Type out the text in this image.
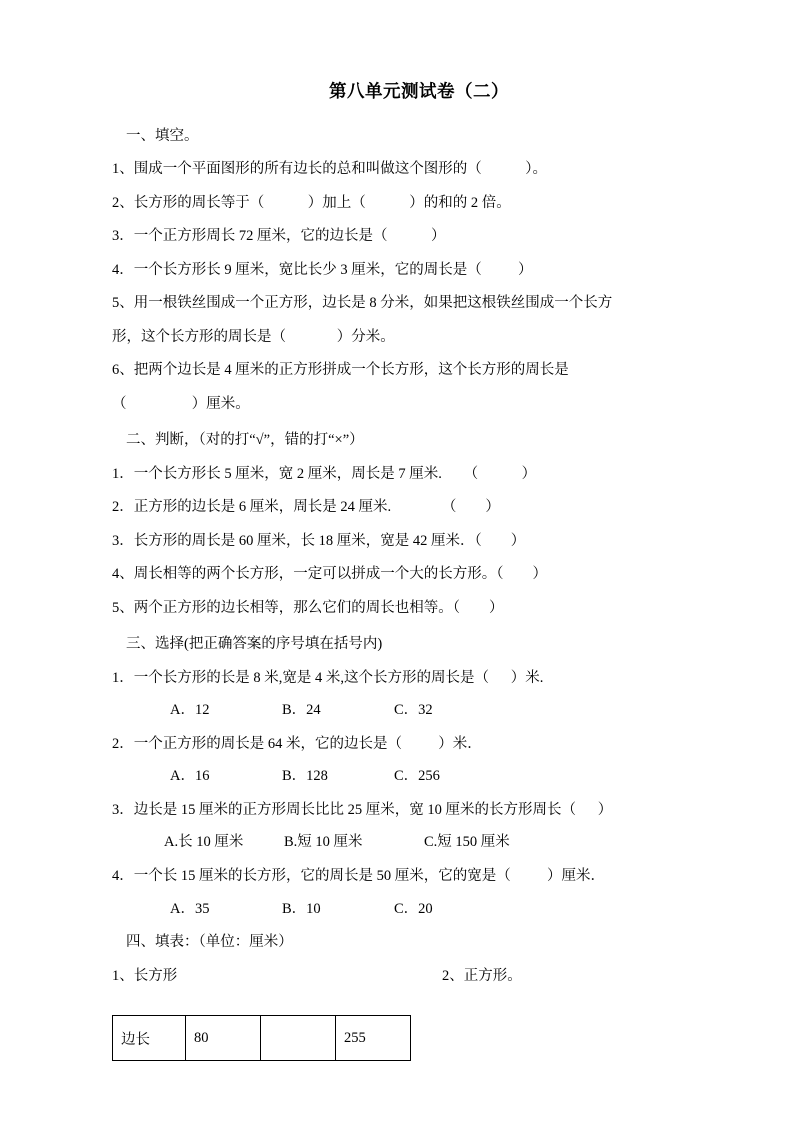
第八单元测试卷（二）
一、填空。
1、围成一个平面图形的所有边长的总和叫做这个图形的（            ）。
2、长方形的周长等于（            ）加上（            ）的和的 2 倍。
3．一个正方形周长 72 厘米，它的边长是（            ）
4．一个长方形长 9 厘米，宽比长少 3 厘米，它的周长是（          ）
5、用一根铁丝围成一个正方形，边长是 8 分米，如果把这根铁丝围成一个长方
形，这个长方形的周长是（              ）分米。
6、把两个边长是 4 厘米的正方形拼成一个长方形，这个长方形的周长是
（                  ）厘米。
二、判断，（对的打“√”，错的打“×”）
1．一个长方形长 5 厘米，宽 2 厘米，周长是 7 厘米.      （            ）
2．正方形的边长是 6 厘米，周长是 24 厘米.              （        ）
3．长方形的周长是 60 厘米，长 18 厘米，宽是 42 厘米．（        ）
4、周长相等的两个长方形，一定可以拼成一个大的长方形。（        ）
5、两个正方形的边长相等，那么它们的周长也相等。（        ）
三、选择(把正确答案的序号填在括号内)
1．一个长方形的长是 8 米,宽是 4 米,这个长方形的周长是（      ）米.
A．12	B．24	C．32
2．一个正方形的周长是 64 米，它的边长是（          ）米．
A．16	B．128	C．256
3．边长是 15 厘米的正方形周长比比 25 厘米，宽 10 厘米的长方形周长（      ）
A.长 10 厘米	B.短 10 厘米	C.短 150 厘米
4．一个长 15 厘米的长方形，它的周长是 50 厘米，它的宽是（          ）厘米．
A．35	B．10	C．20
四、填表：（单位：厘米）
1、长方形	2、正方形。
边长	80		255
